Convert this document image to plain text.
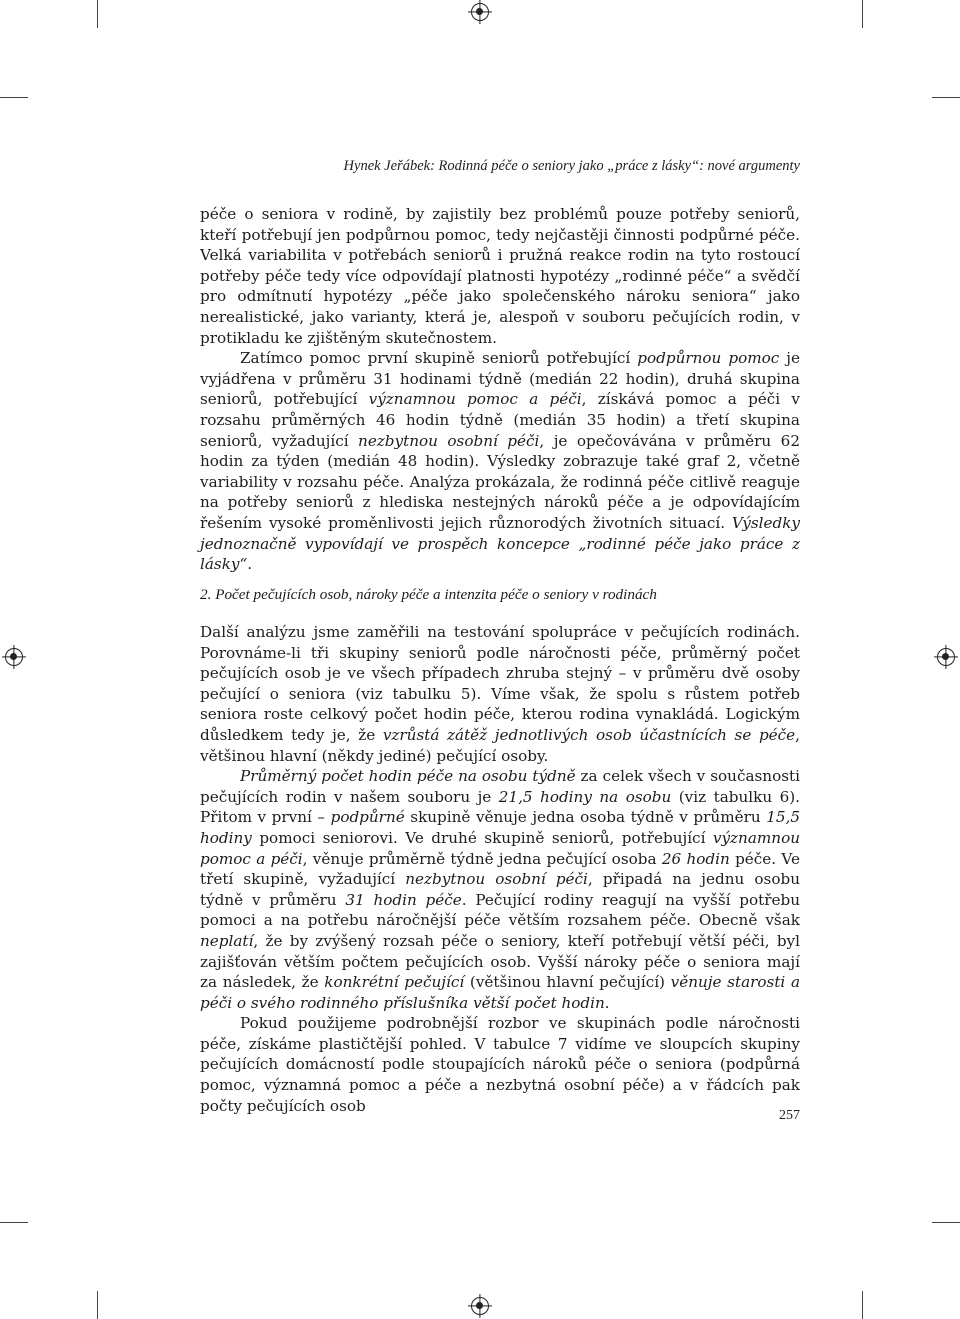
Hynek Jeřábek: Rodinná péče o seniory jako „práce z lásky“: nové argumenty

péče o seniora v rodině, by zajistily bez problémů pouze potřeby seniorů, kteří potřebují jen podpůrnou pomoc, tedy nejčastěji činnosti podpůrné péče. Velká variabilita v potřebách seniorů i pružná reakce rodin na tyto rostoucí potřeby péče tedy více odpovídají platnosti hypotézy „rodinné péče“ a svědčí pro odmítnutí hypotézy „péče jako společenského nároku seniora“ jako nerealistické, jako varianty, která je, alespoň v souboru pečujících rodin, v protikladu ke zjištěným skutečnostem.

Zatímco pomoc první skupině seniorů potřebující podpůrnou pomoc je vyjádřena v průměru 31 hodinami týdně (medián 22 hodin), druhá skupina seniorů, potřebující významnou pomoc a péči, získává pomoc a péči v rozsahu průměrných 46 hodin týdně (medián 35 hodin) a třetí skupina seniorů, vyžadující nezbytnou osobní péči, je opečovávána v průměru 62 hodin za týden (medián 48 hodin). Výsledky zobrazuje také graf 2, včetně variability v rozsahu péče. Analýza prokázala, že rodinná péče citlivě reaguje na potřeby seniorů z hlediska nestejných nároků péče a je odpovídajícím řešením vysoké proměnlivosti jejich různorodých životních situací. Výsledky jednoznačně vypovídají ve prospěch koncepce „rodinné péče jako práce z lásky“.

2. Počet pečujících osob, nároky péče a intenzita péče o seniory v rodinách

Další analýzu jsme zaměřili na testování spolupráce v pečujících rodinách. Porovnáme-li tři skupiny seniorů podle náročnosti péče, průměrný počet pečujících osob je ve všech případech zhruba stejný – v průměru dvě osoby pečující o seniora (viz tabulku 5). Víme však, že spolu s růstem potřeb seniora roste celkový počet hodin péče, kterou rodina vynakládá. Logickým důsledkem tedy je, že vzrůstá zátěž jednotlivých osob účastnících se péče, většinou hlavní (někdy jediné) pečující osoby.

Průměrný počet hodin péče na osobu týdně za celek všech v současnosti pečujících rodin v našem souboru je 21,5 hodiny na osobu (viz tabulku 6). Přitom v první – podpůrné skupině věnuje jedna osoba týdně v průměru 15,5 hodiny pomoci seniorovi. Ve druhé skupině seniorů, potřebující významnou pomoc a péči, věnuje průměrně týdně jedna pečující osoba 26 hodin péče. Ve třetí skupině, vyžadující nezbytnou osobní péči, připadá na jednu osobu týdně v průměru 31 hodin péče. Pečující rodiny reagují na vyšší potřebu pomoci a na potřebu náročnější péče větším rozsahem péče. Obecně však neplatí, že by zvýšený rozsah péče o seniory, kteří potřebují větší péči, byl zajišťován větším počtem pečujících osob. Vyšší nároky péče o seniora mají za následek, že konkrétní pečující (většinou hlavní pečující) věnuje starosti a péči o svého rodinného příslušníka větší počet hodin.

Pokud použijeme podrobnější rozbor ve skupinách podle náročnosti péče, získáme plastičtější pohled. V tabulce 7 vidíme ve sloupcích skupiny pečujících domácností podle stoupajících nároků péče o seniora (podpůrná pomoc, významná pomoc a péče a nezbytná osobní péče) a v řádcích pak počty pečujících osob

257
